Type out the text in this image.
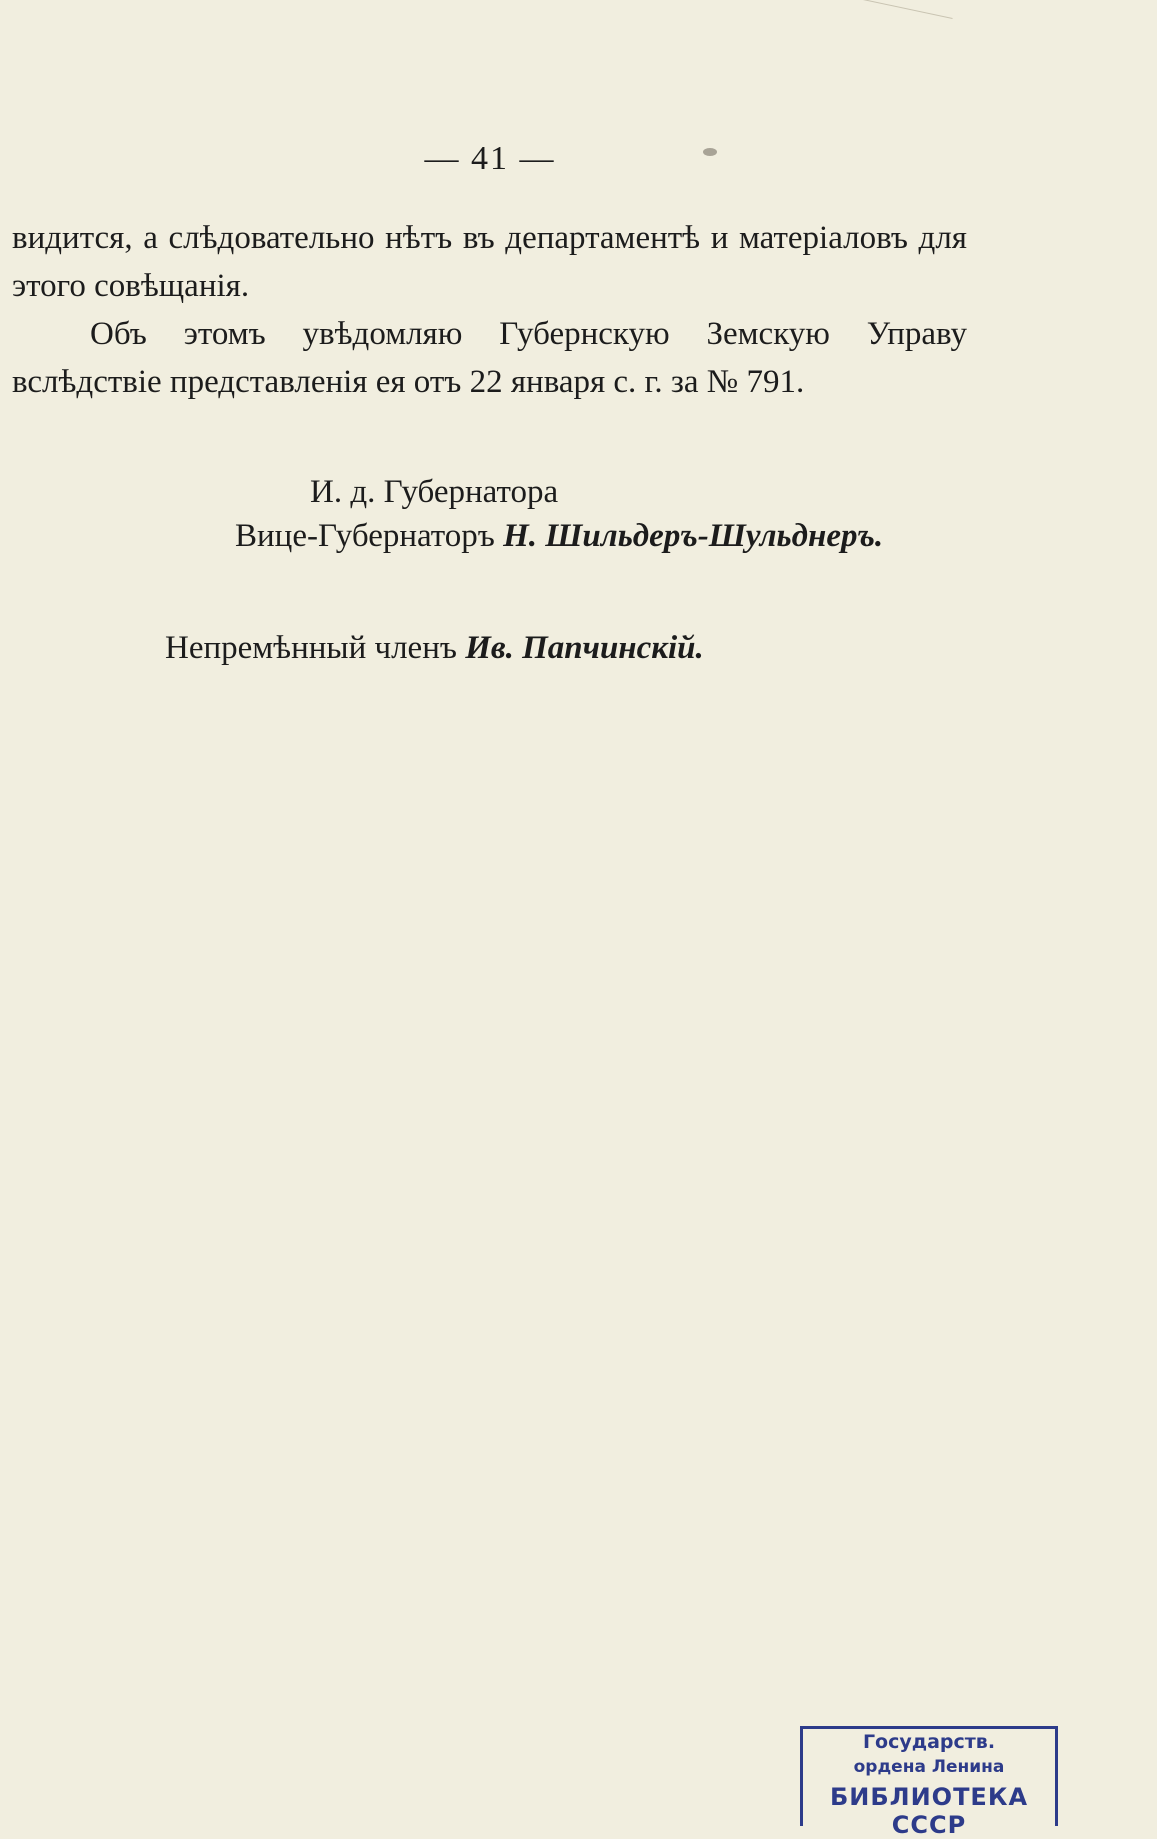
— 41 —

видится, а слѣдовательно нѣтъ въ департаментѣ и матеріаловъ для этого совѣщанія.

Объ этомъ увѣдомляю Губернскую Земскую Управу вслѣдствіе представленія ея отъ 22 января с. г. за № 791.

И. д. Губернатора
Вице-Губернаторъ Н. Шильдеръ-Шульднеръ.
Непремѣнный членъ Ив. Папчинскій.
Государств.
ордена Ленина
БИБЛИОТЕКА СССР
